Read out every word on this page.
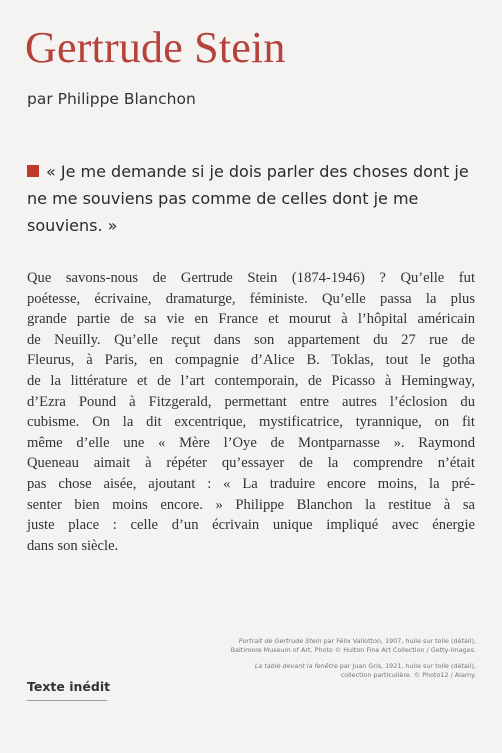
Gertrude Stein

par Philippe Blanchon

« Je me demande si je dois parler des choses dont je ne me souviens pas comme de celles dont je me souviens. »

Que savons-nous de Gertrude Stein (1874-1946) ? Qu’elle fut
poétesse, écrivaine, dramaturge, féministe. Qu’elle passa la plus
grande partie de sa vie en France et mourut à l’hôpital américain
de Neuilly. Qu’elle reçut dans son appartement du 27 rue de
Fleurus, à Paris, en compagnie d’Alice B. Toklas, tout le gotha
de la littérature et de l’art contemporain, de Picasso à Hemingway,
d’Ezra Pound à Fitzgerald, permettant entre autres l’éclosion du
cubisme. On la dit excentrique, mystificatrice, tyrannique, on fit
même d’elle une « Mère l’Oye de Montparnasse ». Raymond
Queneau aimait à répéter qu’essayer de la comprendre n’était
pas chose aisée, ajoutant : « La traduire encore moins, la pré-
senter bien moins encore. » Philippe Blanchon la restitue à sa
juste place : celle d’un écrivain unique impliqué avec énergie
dans son siècle.

Portrait de Gertrude Stein par Félix Vallotton, 1907, huile sur toile (détail), Baltimore Museum of Art. Photo © Hulton Fine Art Collection / Getty-Images.

La table devant la fenêtre par Juan Gris, 1921, huile sur toile (détail), collection particulière. © Photo12 / Alamy.

Texte inédit
